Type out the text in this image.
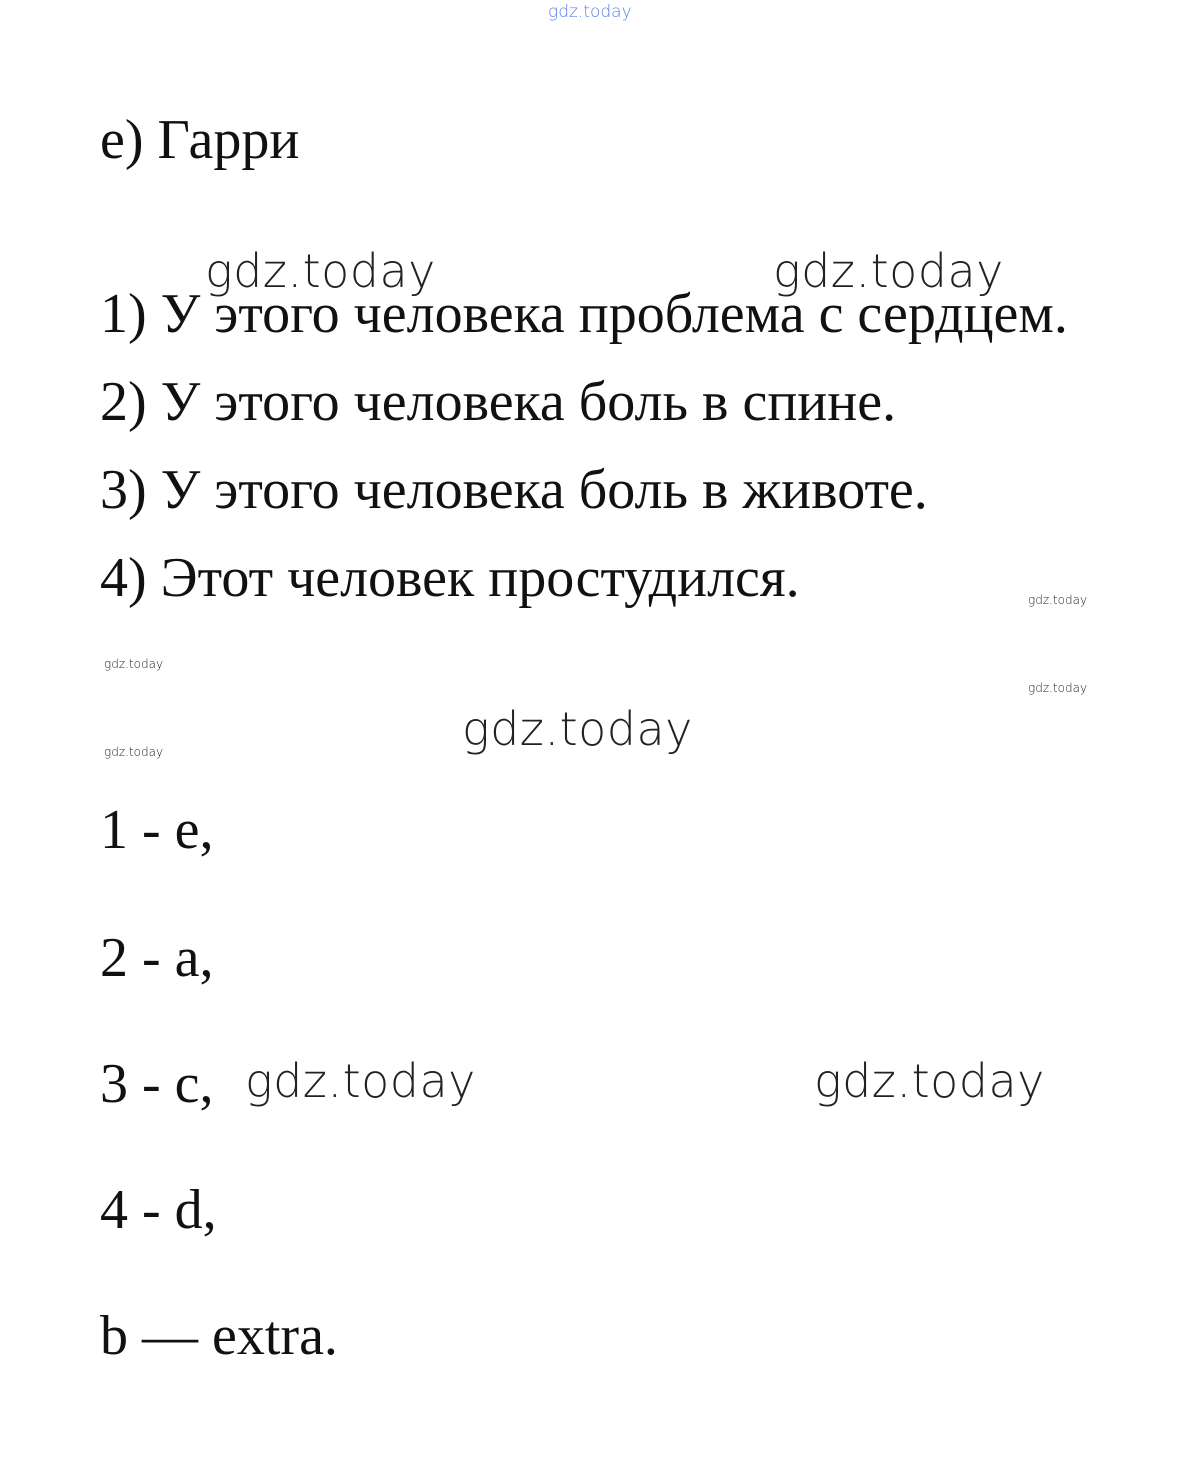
gdz.today
gdz.today	gdz.today
gdz.today
gdz.today
gdz.today
gdz.today
gdz.today
gdz.today	gdz.today

e) Гарри

1) У этого человека проблема с сердцем.

2) У этого человека боль в спине.

3) У этого человека боль в животе.

4) Этот человек простудился.

1 - e,

2 - a,

3 - c,

4 - d,

b — extra.
